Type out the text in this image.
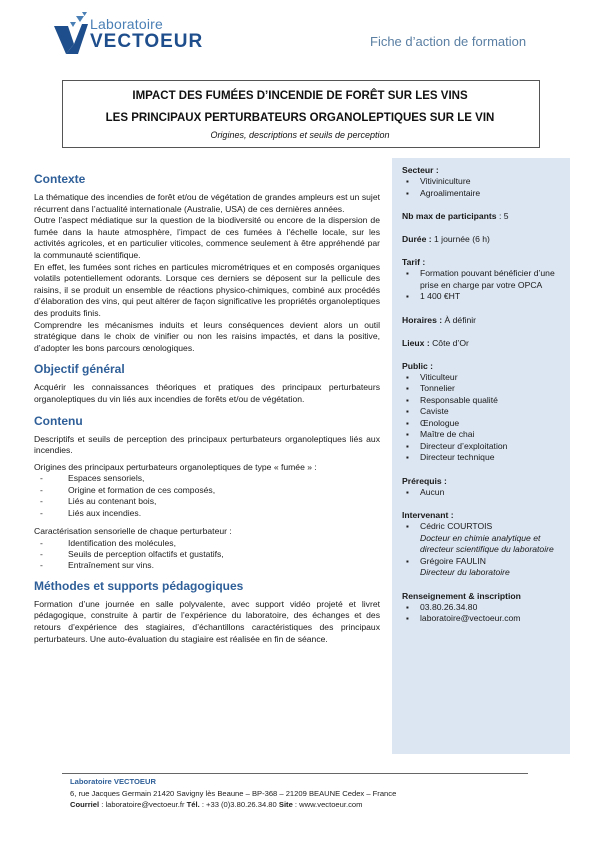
Laboratoire
VECTOEUR	Fiche d’action de formation
IMPACT DES FUMÉES D’INCENDIE DE FORÊT SUR LES VINS
LES PRINCIPAUX PERTURBATEURS ORGANOLEPTIQUES SUR LE VIN
Origines, descriptions et seuils de perception
Contexte

La thématique des incendies de forêt et/ou de végétation de grandes ampleurs est un sujet récurrent dans l’actualité internationale (Australie, USA) de ces dernières années.

Outre l’aspect médiatique sur la question de la biodiversité ou encore de la dispersion de fumée dans la haute atmosphère, l’impact de ces fumées à l’échelle locale, sur les activités agricoles, et en particulier viticoles, commence seulement à être appréhendé par la communauté scientifique.

En effet, les fumées sont riches en particules micrométriques et en composés organiques volatils potentiellement odorants. Lorsque ces derniers se déposent sur la pellicule des raisins, il se produit un ensemble de réactions physico-chimiques, combiné aux procédés d’élaboration des vins, qui peut altérer de façon significative les propriétés organoleptiques des produits finis.

Comprendre les mécanismes induits et leurs conséquences devient alors un outil stratégique dans le choix de vinifier ou non les raisins impactés, et dans la positive, d’adopter les bons parcours œnologiques.

Objectif général

Acquérir les connaissances théoriques et pratiques des principaux perturbateurs organoleptiques du vin liés aux incendies de forêts et/ou de végétation.

Contenu

Descriptifs et seuils de perception des principaux perturbateurs organoleptiques liés aux incendies.

Origines des principaux perturbateurs organoleptiques de type « fumée » :

- Espaces sensoriels,
- Origine et formation de ces composés,
- Liés au contenant bois,
- Liés aux incendies.

Caractérisation sensorielle de chaque perturbateur :

- Identification des molécules,
- Seuils de perception olfactifs et gustatifs,
- Entraînement sur vins.
Méthodes et supports pédagogiques

Formation d’une journée en salle polyvalente, avec support vidéo projeté et livret pédagogique, construite à partir de l’expérience du laboratoire, des échanges et des retours d’expérience des stagiaires, d’échantillons caractéristiques des principaux perturbateurs. Une auto-évaluation du stagiaire est réalisée en fin de séance.

Secteur :
▪ Vitiviniculture
▪ Agroalimentaire
Nb max de participants : 5
Durée : 1 journée (6 h)
Tarif :
▪ Formation pouvant bénéficier d’une prise en charge par votre OPCA
▪ 1 400 €HT
Horaires : À définir
Lieux : Côte d’Or
Public :
▪ Viticulteur
▪ Tonnelier
▪ Responsable qualité
▪ Caviste
▪ Œnologue
▪ Maître de chai
▪ Directeur d’exploitation
▪ Directeur technique
Prérequis :
▪ Aucun
Intervenant :
▪ Cédric COURTOIS
Docteur en chimie analytique et directeur scientifique du laboratoire
▪ Grégoire FAULIN
Directeur du laboratoire
Renseignement & inscription
▪ 03.80.26.34.80
▪ laboratoire@vectoeur.com
Laboratoire VECTOEUR
6, rue Jacques Germain 21420 Savigny lès Beaune – BP-368 – 21209 BEAUNE Cedex – France
Courriel : laboratoire@vectoeur.fr Tél. : +33 (0)3.80.26.34.80 Site : www.vectoeur.com
